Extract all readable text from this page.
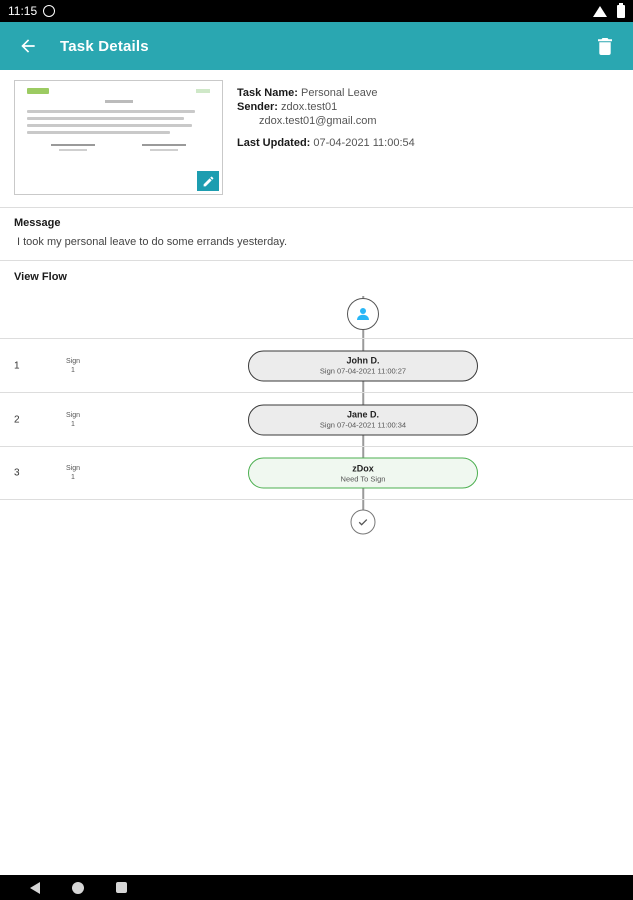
11:15
Task Details
Task Name: Personal Leave
Sender: zdox.test01
zdox.test01@gmail.com
Last Updated: 07-04-2021 11:00:54
Message
I took my personal leave to do some errands yesterday.
View Flow
1	Sign
1
John D.
Sign 07-04-2021 11:00:27
2	Sign
1
Jane D.
Sign 07-04-2021 11:00:34
3	Sign
1
zDox
Need To Sign
